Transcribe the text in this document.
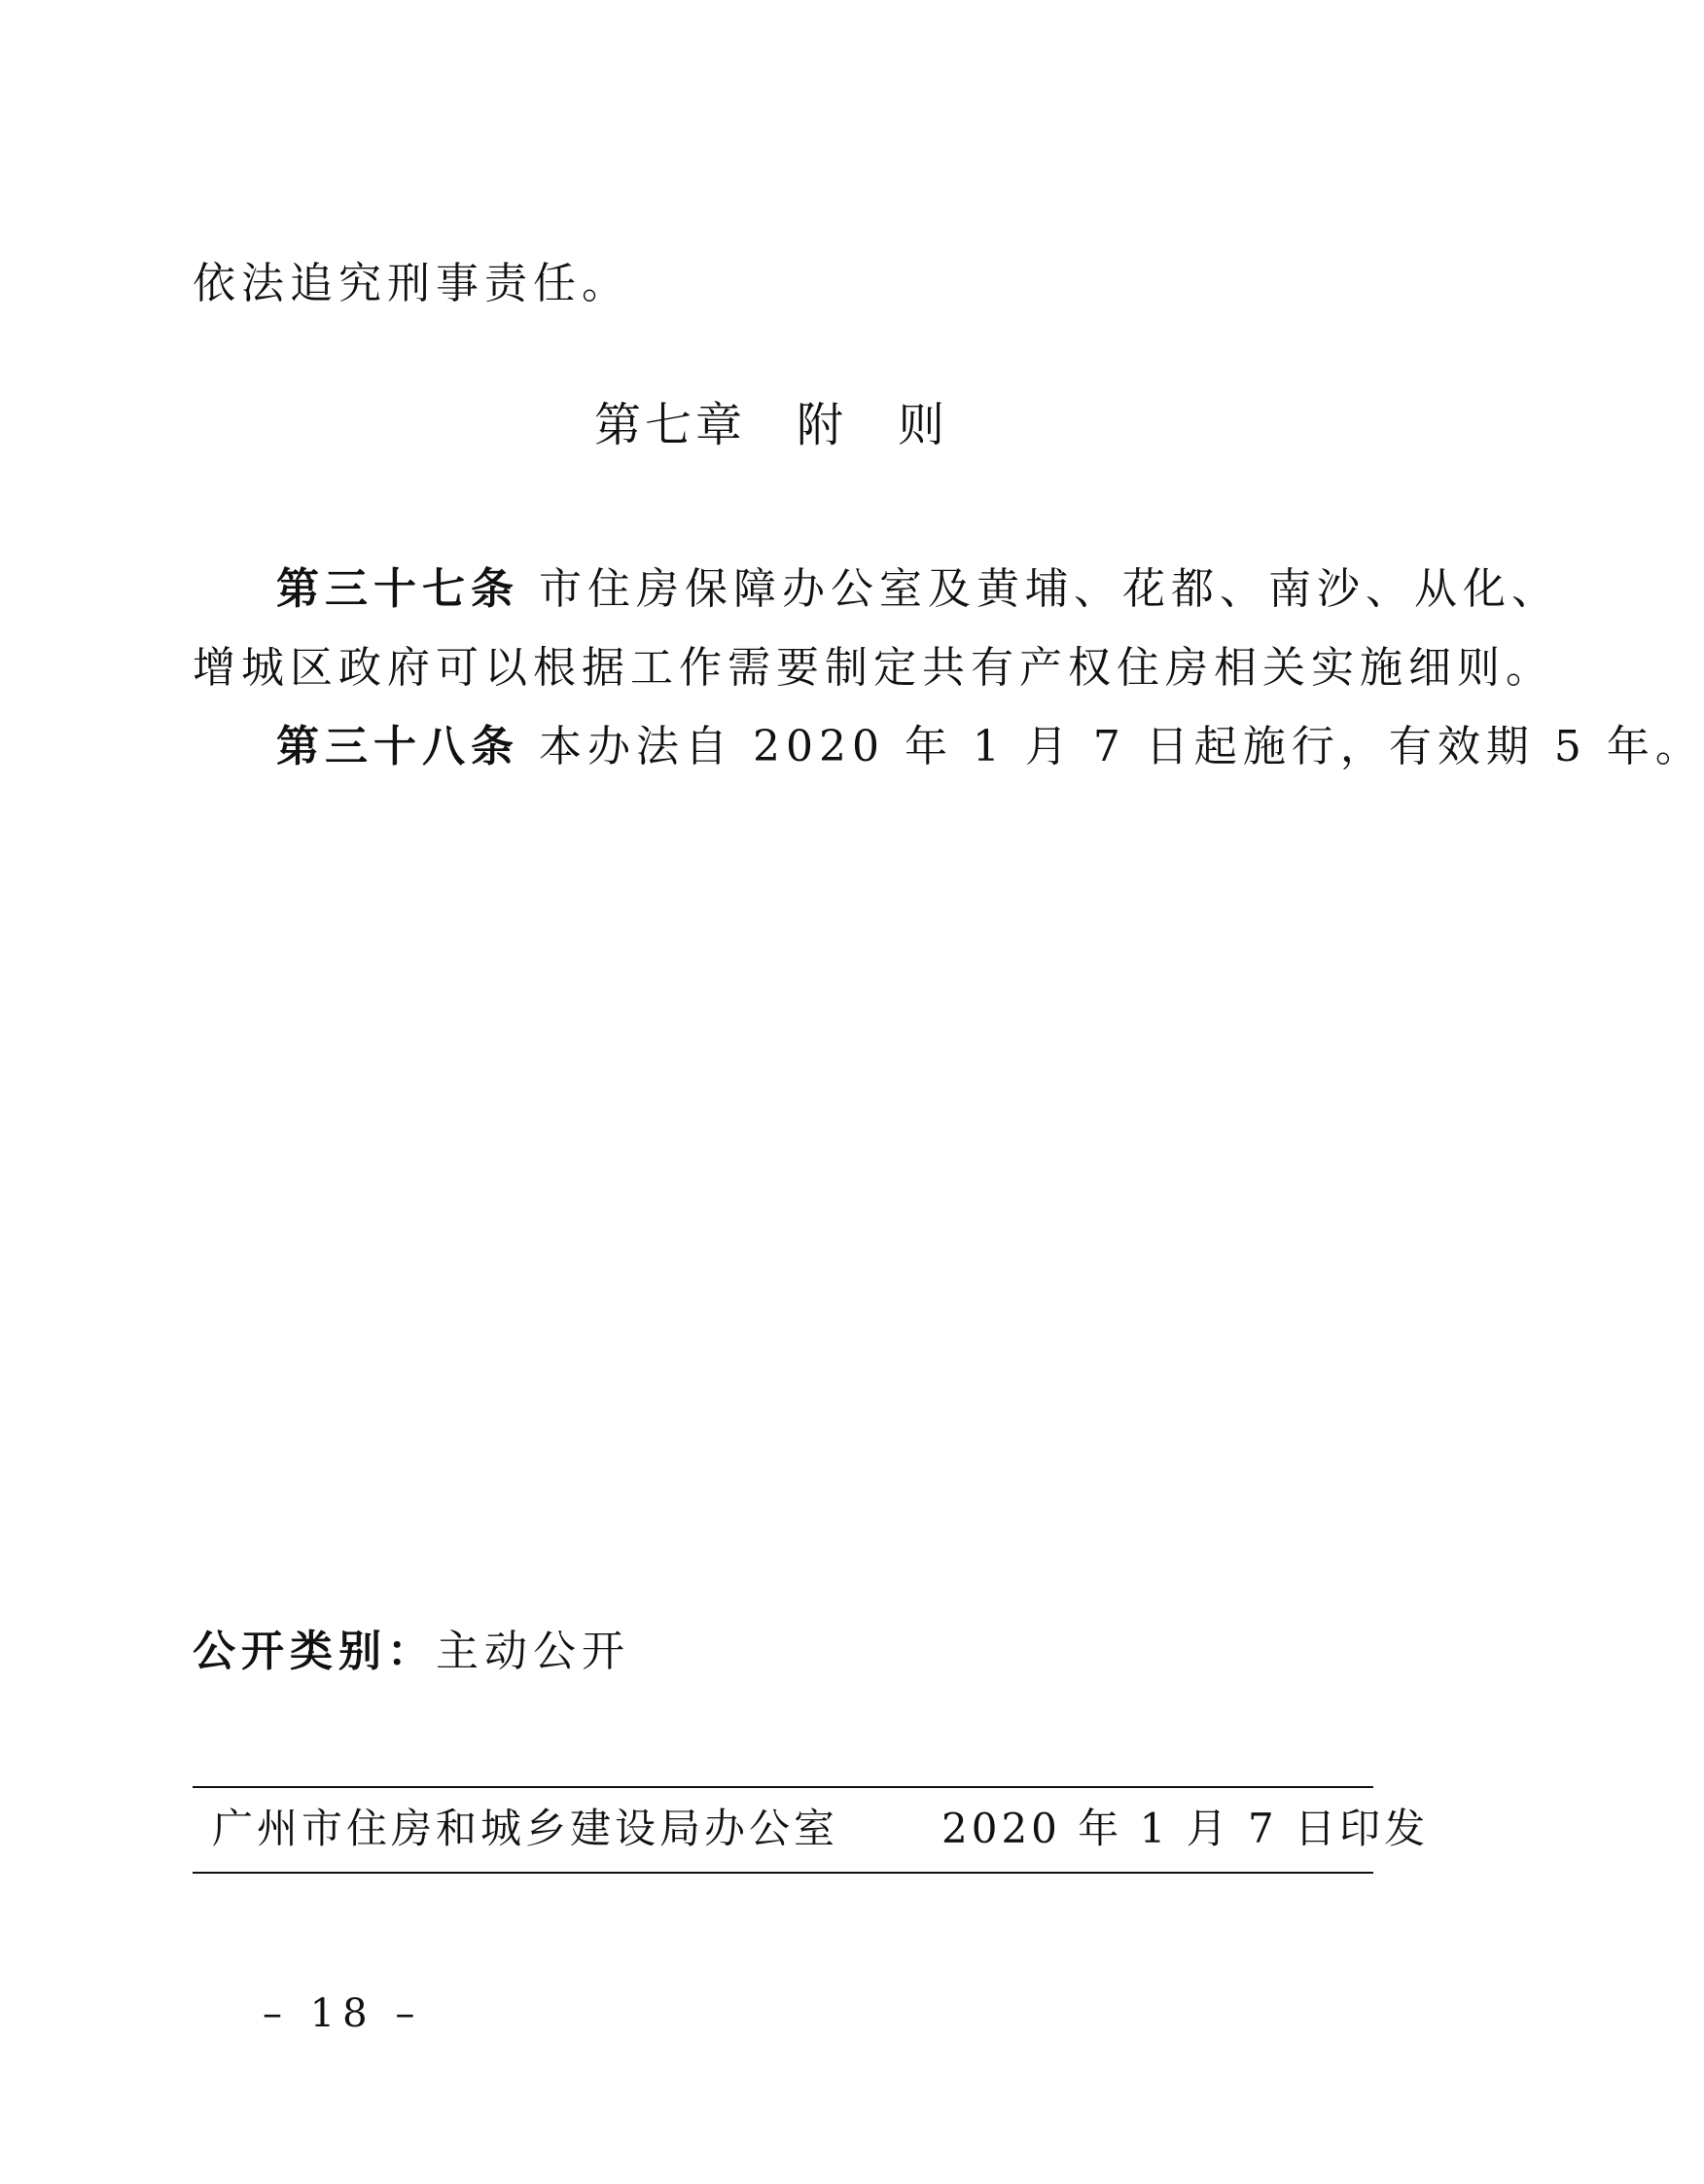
依法追究刑事责任。
第七章　附　则
第三十七条 市住房保障办公室及黄埔、花都、南沙、从化、
增城区政府可以根据工作需要制定共有产权住房相关实施细则。
第三十八条 本办法自 2020 年 1 月 7 日起施行，有效期 5 年。
公开类别：主动公开
广州市住房和城乡建设局办公室	2020 年 1 月 7 日印发
– 18 –
